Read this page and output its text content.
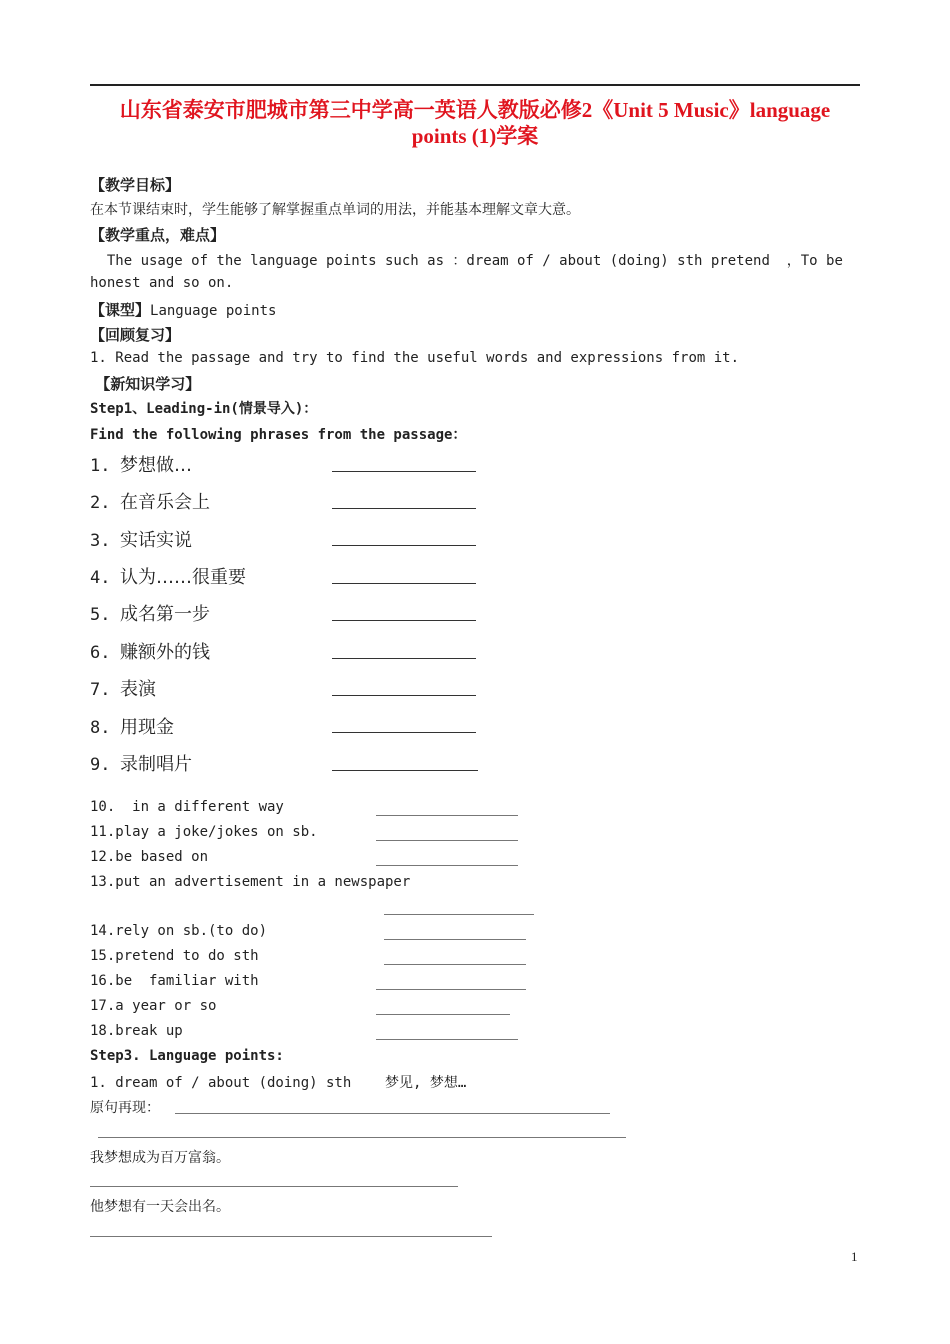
山东省泰安市肥城市第三中学高一英语人教版必修2《Unit 5 Music》language
points (1)学案
【教学目标】
在本节课结束时，学生能够了解掌握重点单词的用法，并能基本理解文章大意。
【教学重点，难点】
The usage of the language points such as ：dream of / about (doing) sth pretend  ，To be
honest and so on.
【课型】Language points
【回顾复习】
1. Read the passage and try to find the useful words and expressions from it.
【新知识学习】
Step1、Leading-in(情景导入)：
Find the following phrases from the passage：
1. 梦想做…
2. 在音乐会上
3. 实话实说
4. 认为……很重要
5. 成名第一步
6. 赚额外的钱
7. 表演
8. 用现金
9. 录制唱片
10.  in a different way
11.play a joke/jokes on sb.
12.be based on
13.put an advertisement in a newspaper
14.rely on sb.(to do)
15.pretend to do sth
16.be  familiar with
17.a year or so
18.break up
Step3. Language points:
1. dream of / about (doing) sth    梦见, 梦想…
原句再现：
我梦想成为百万富翁。
他梦想有一天会出名。
1
